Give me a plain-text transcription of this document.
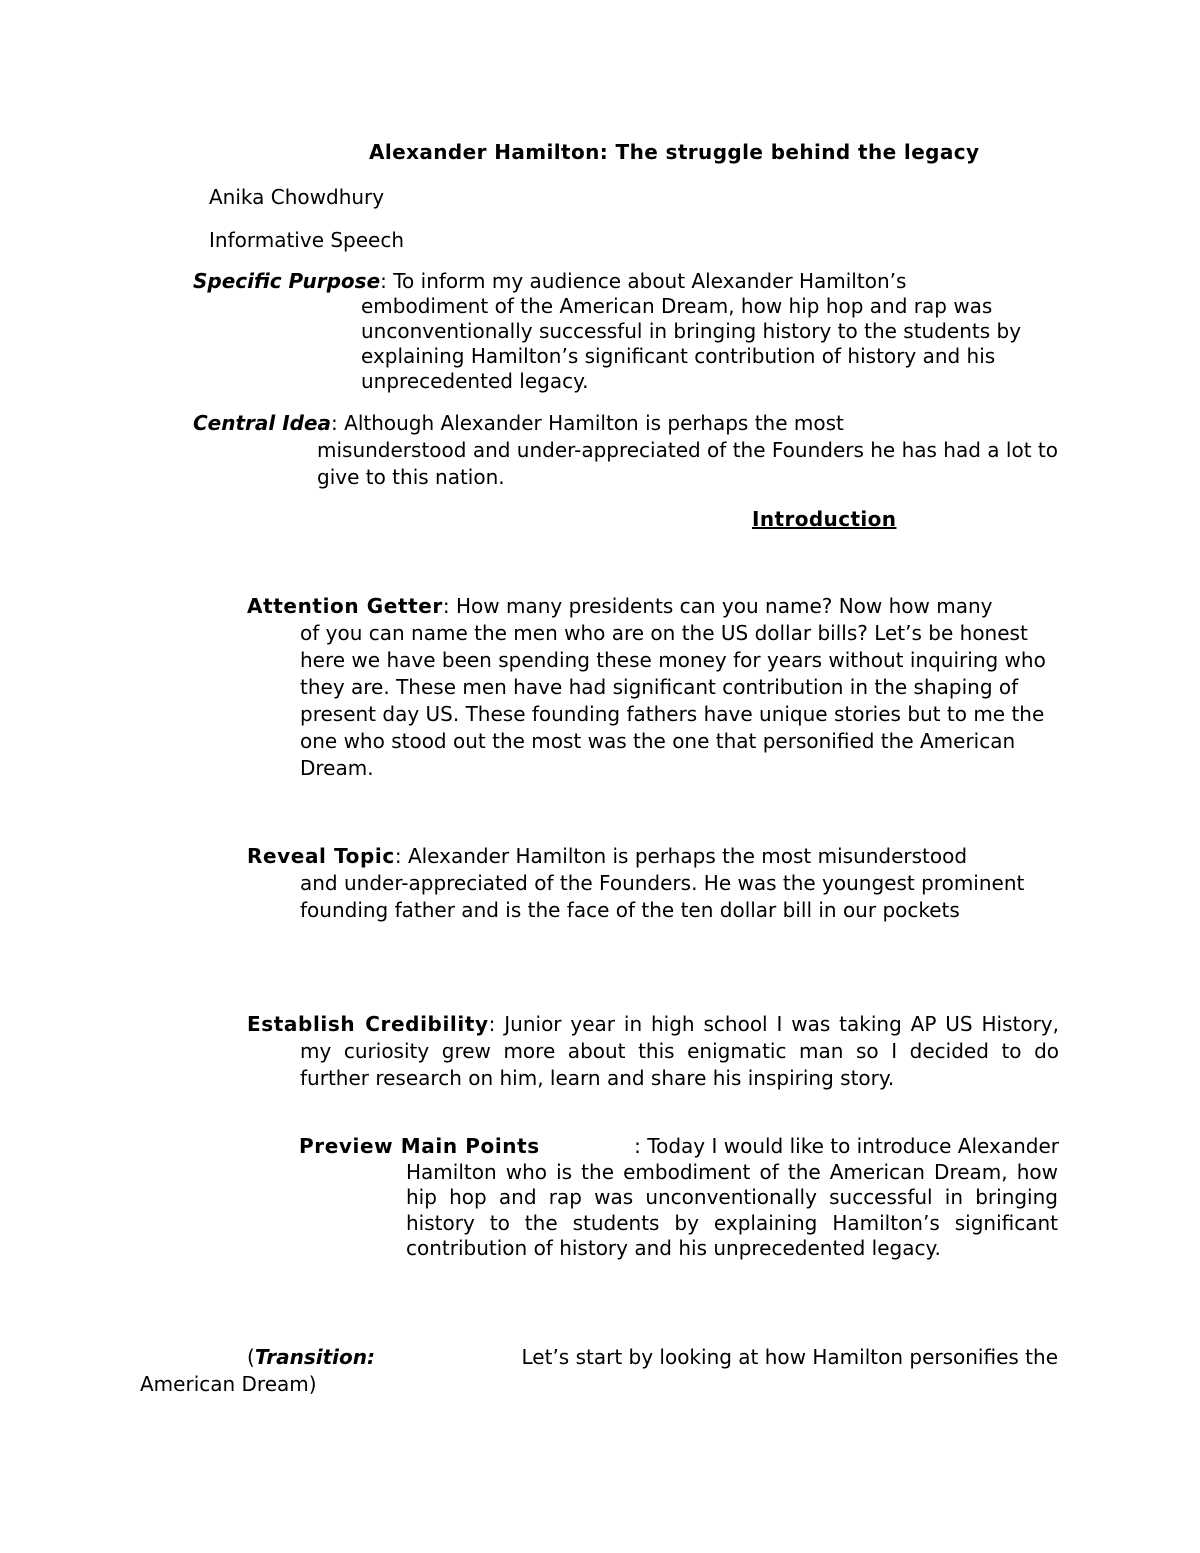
Alexander Hamilton: The struggle behind the legacy

Anika Chowdhury

Informative Speech

Specific Purpose: To inform my audience about Alexander Hamilton’s
embodiment of the American Dream, how hip hop and rap was unconventionally successful in bringing history to the students by explaining Hamilton’s significant contribution of history and his unprecedented legacy.
Central Idea: Although Alexander Hamilton is perhaps the most
misunderstood and under-appreciated of the Founders he has had a lot to give to this nation.
Introduction
Attention Getter: How many presidents can you name? Now how many
of you can name the men who are on the US dollar bills? Let’s be honest here we have been spending these money for years without inquiring who they are. These men have had significant contribution in the shaping of present day US. These founding fathers have unique stories but to me the one who stood out the most was the one that personified the American Dream.
Reveal Topic: Alexander Hamilton is perhaps the most misunderstood
and under-appreciated of the Founders. He was the youngest prominent founding father and is the face of the ten dollar bill in our pockets
Establish Credibility: Junior year in high school I was taking AP US History, my curiosity grew more about this enigmatic man so I decided to do further research on him, learn and share his inspiring story.
Preview Main Points	: Today I would like to introduce Alexander
Hamilton who is the embodiment of the American Dream, how hip hop and rap was unconventionally successful in bringing history to the students by explaining Hamilton’s significant contribution of history and his unprecedented legacy.
(Transition:	Let’s start by looking at how Hamilton personifies the
American Dream)
